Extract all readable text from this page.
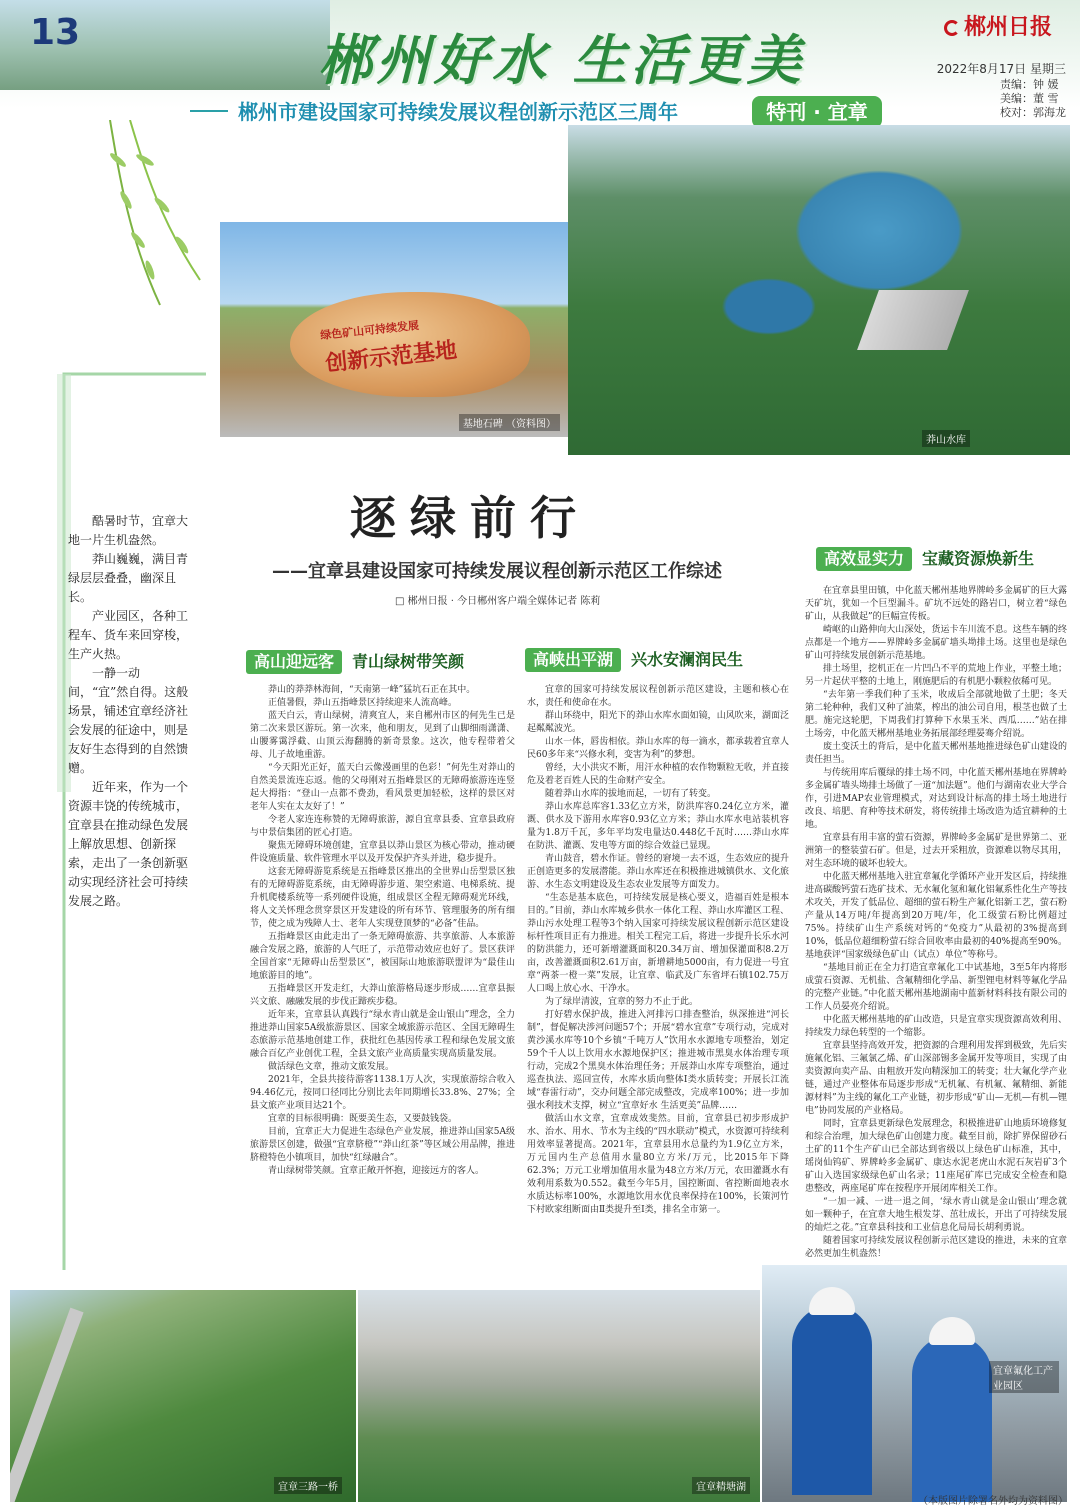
13	郴州好水 生活更美
郴州日报
2022年8月17日 星期三
责编：钟 媛
美编：董 雪
校对：郭海龙
郴州市建设国家可持续发展议程创新示范区三周年	特刊 · 宜章
绿色矿山可持续发展
创新示范基地
基地石碑 （资料图）
莽山水库

酷暑时节，宜章大地一片生机盎然。

莽山巍巍，满目青绿层层叠叠，幽深且长。

产业园区，各种工程车、货车来回穿梭，生产火热。

一静一动间，“宜”然自得。这般场景，铺述宜章经济社会发展的征途中，则是友好生态得到的自然馈赠。

近年来，作为一个资源丰饶的传统城市，宜章县在推动绿色发展上解放思想、创新探索，走出了一条创新驱动实现经济社会可持续发展之路。

逐绿前行
——宜章县建设国家可持续发展议程创新示范区工作综述
□ 郴州日报 · 今日郴州客户端全媒体记者 陈莉
高山迎远客 青山绿树带笑颜	高峡出平湖 兴水安澜润民生
高效显实力 宝藏资源焕新生

莽山的莽莽林海间，“天南第一峰”猛坑石正在其中。

正值暑假，莽山五指峰景区持续迎来人流高峰。

蓝天白云，青山绿树，清爽宜人，来自郴州市区的何先生已是第二次来景区游玩。第一次来，他和朋友，见到了山脚细雨潇潇、山腰雾霭浮截、山顶云海翻腾的新奇景象。这次，他专程带着父母、儿子故地重游。

“今天阳光正好，蓝天白云像漫画里的色彩！”何先生对莽山的自然美景流连忘返。他的父母刚对五指峰景区的无障碍旅游连连竖起大拇指：“登山一点都不费劲，看风景更加轻松，这样的景区对老年人实在太友好了！”

令老人家连连称赞的无障碍旅游，源自宜章县委、宜章县政府与中景信集团的匠心打造。

聚焦无障碍环境创建，宜章县以莽山景区为核心带动，推动硬件设施质量、软件管理水平以及开发保护齐头并进，稳步提升。

这套无障碍游览系统是五指峰景区推出的全世界山岳型景区独有的无障碍游览系统，由无障碍游步道、架空索道、电梯系统、提升机爬楼系统等一系列硬件设施，组成景区全程无障碍观光环线，将人文关怀理念贯穿景区开发建设的所有环节、管理服务的所有细节，使之成为残障人士、老年人实现登顶梦的“必备”佳品。

五指峰景区由此走出了一条无障碍旅游、共享旅游、人本旅游融合发展之路，旅游的人气旺了，示范带动效应也好了。景区获评全国首家“无障碍山岳型景区”，被国际山地旅游联盟评为“最佳山地旅游目的地”。

五指峰景区开发走红，大莽山旅游格局逐步形成……宜章县振兴文旅、融融发展的步伐正蹄疾步稳。

近年来，宜章县认真践行“绿水青山就是金山银山”理念，全力推进莽山国家5A级旅游景区、国家全域旅游示范区、全国无障碍生态旅游示范基地创建工作，获批红色基因传承工程和绿色发展文旅融合百亿产业创优工程，全县文旅产业高质量实现高质量发展。

做活绿色文章，推动文旅发展。

2021年，全县共接待游客1138.1万人次，实现旅游综合收入94.46亿元，按同口径同比分别比去年同期增长33.8%、27%；全县文旅产业项目达21个。

宜章的目标很明确：既要美生态，又要鼓钱袋。

目前，宜章正大力促进生态绿色产业发展，推进莽山国家5A级旅游景区创建，做强“宜章脐橙”“莽山红茶”等区域公用品牌，推进脐橙特色小镇项目，加快“红绿融合”。

青山绿树带笑颜。宜章正敞开怀抱，迎接远方的客人。

宜章的国家可持续发展议程创新示范区建设，主题和核心在水，责任和使命在水。

群山环绕中，阳光下的莽山水库水面如镜，山风吹来，湖面泛起粼粼波光。

山水一体，唇齿相依。莽山水库的每一滴水，都承载着宜章人民60多年来“兴修水利，变害为利”的梦想。

曾经，大小洪灾不断，用汗水种植的农作物颗粒无收，并直接危及着老百姓人民的生命财产安全。

随着莽山水库的拔地而起，一切有了转变。

莽山水库总库容1.33亿立方米，防洪库容0.24亿立方米，灌溉、供水及下游用水库容0.93亿立方米；莽山水库水电站装机容量为1.8万千瓦，多年平均发电量达0.448亿千瓦时……莽山水库在防洪、灌溉、发电等方面的综合效益已显现。

青山鼓音，碧水作证。曾经的窘境一去不返，生态效应的提升正创造更多的发展潜能。莽山水库还在积极推进城镇供水、文化旅游、水生态文明建设及生态农业发展等方面发力。

“生态是基本底色，可持续发展是核心要义，造福百姓是根本目的。”目前，莽山水库城乡供水一体化工程、莽山水库灌区工程、莽山污水处理工程等3个纳入国家可持续发展议程创新示范区建设标杆性项目正有力推进。相关工程完工后，将进一步提升长乐水河的防洪能力，还可新增灌溉面积20.34万亩、增加保灌面积8.2万亩，改善灌溉面积2.61万亩，新增耕地5000亩，有力促进一号宜章“两茶一橙一菜”发展，让宜章、临武及广东省坪石镇102.75万人口喝上放心水、干净水。

为了绿岸清波，宜章的努力不止于此。

打好碧水保护战，推进入河排污口排查整治，纵深推进“河长制”，督促解决涉河问题57个；开展“碧水宜章”专项行动，完成对黄沙溪水库等10个乡镇“千吨万人”饮用水水源地专项整治，划定59个千人以上饮用水水源地保护区；推进城市黑臭水体治理专项行动，完成2个黑臭水体治理任务；开展莽山水库专项整治，通过巡查执法、巡回宣传，水库水质向整体Ⅰ类水质转变；开展长江流域“春雷行动”，交办问题全部完成整改，完成率100%；进一步加强水利技术支撑，树立“宜章好水 生活更美”品牌……

做活山水文章，宜章成效斐然。目前，宜章县已初步形成护水、治水、用水、节水为主线的“四水联动”模式，水资源可持续利用效率显著提高。2021年，宜章县用水总量约为1.9亿立方米，万元国内生产总值用水量80立方米/万元，比2015年下降62.3%；万元工业增加值用水量为48立方米/万元，农田灌溉水有效利用系数为0.552。截至今年5月，国控断面、省控断面地表水水质达标率100%，水源地饮用水优良率保持在100%，长策河竹下村欧家组断面由Ⅱ类提升至Ⅰ类，排名全市第一。

在宜章县里田镇，中化蓝天郴州基地界牌岭多金属矿的巨大露天矿坑，犹如一个巨型漏斗。矿坑不远处的路岩口，树立着“绿色矿山，从我做起”的巨幅宣传板。

崎岖的山路伸向大山深处，货运卡车川流不息。这些车辆的终点都是一个地方——界牌岭多金属矿墙头坳排土场。这里也是绿色矿山可持续发展创新示范基地。

排土场里，挖机正在一片凹凸不平的荒地上作业，平整土地；另一片起伏平整的土地上，刚施肥后的有机肥小颗粒依稀可见。

“去年第一季我们种了玉米，收成后全部就地做了土肥；冬天第二轮种种，我们又种了油菜，榨出的油公司自用，根茎也做了土肥。施完这轮肥，下周我们打算种下水果玉米、西瓜……”站在排土场旁，中化蓝天郴州基地业务拓展部经理晏骞介绍说。

废土变沃土的背后，是中化蓝天郴州基地推进绿色矿山建设的责任担当。

与传统用库后覆绿的排土场不同，中化蓝天郴州基地在界牌岭多金属矿墙头坳排土场做了一道“加法题”。他们与湖南农业大学合作，引进MAP农业管理模式，对达到设计标高的排土场土地进行改良、培肥、育种等技术研发，将传统排土场改造为适宜耕种的土地。

宜章县有用丰富的萤石资源，界牌岭多金属矿是世界第二、亚洲第一的整装萤石矿。但是，过去开采粗放，资源难以物尽其用，对生态环境的破坏也较大。

中化蓝天郴州基地入驻宜章氟化学循环产业开发区后，持续推进高碳酸钙萤石选矿技术、无水氟化氢和氟化铝氟系性化生产等技术攻关，开发了低品位、超细的萤石粉生产氟化铝新工艺，萤石粉产量从14万吨/年提高到20万吨/年，化工级萤石粉比例超过75%。持续矿山生产系统对钙的“免疫力”从最初的3%提高到10%，低品位超细粉萤石综合回收率由最初的40%提高至90%。基地获评“国家级绿色矿山（试点）单位”等称号。

“基地目前正在全力打造宜章氟化工中试基地，3至5年内将形成萤石资源、无机盐、含氟精细化学品、新型锂电材料等氟化学品的完整产业链。”中化蓝天郴州基地湖南中蓝新材料科技有限公司的工作人员晏亮介绍说。

中化蓝天郴州基地的矿山改造，只是宜章实现资源高效利用、持续发力绿色转型的一个缩影。

宜章县坚持高效开发，把资源的合理利用发挥到极致，先后实施氟化铝、三氟氯乙烯、矿山深部锡多金属开发等项目，实现了由卖资源向卖产品、由粗放开发向精深加工的转变；壮大氟化学产业链，通过产业整体布局逐步形成“无机氟、有机氟、氟精细、新能源材料”为主线的氟化工产业链，初步形成“矿山—无机—有机—锂电”协同发展的产业格局。

同时，宜章县更新绿色发展理念，积极推进矿山地质环境修复和综合治理，加大绿色矿山创建力度。截至目前，除扩界保留砂石土矿的11个生产矿山已全部达到省级以上绿色矿山标准，其中，瑶岗仙钨矿、界牌岭多金属矿、康达水泥老虎山水泥石灰岩矿3个矿山入选国家级绿色矿山名录；11座尾矿库已完成安全检查和隐患整改，两座尾矿库在按程序开展闭库相关工作。

“一加一减、一进一退之间，‘绿水青山就是金山银山’理念就如一颗种子，在宜章大地生根发芽、茁壮成长，开出了可持续发展的灿烂之花。”宜章县科技和工业信息化局局长胡利勇说。

随着国家可持续发展议程创新示范区建设的推进，未来的宜章必然更加生机盎然！

宜章三路一桥	宜章精塘湖
宜章氟化工产业园区
（本版图片除署名外均为资料图）
